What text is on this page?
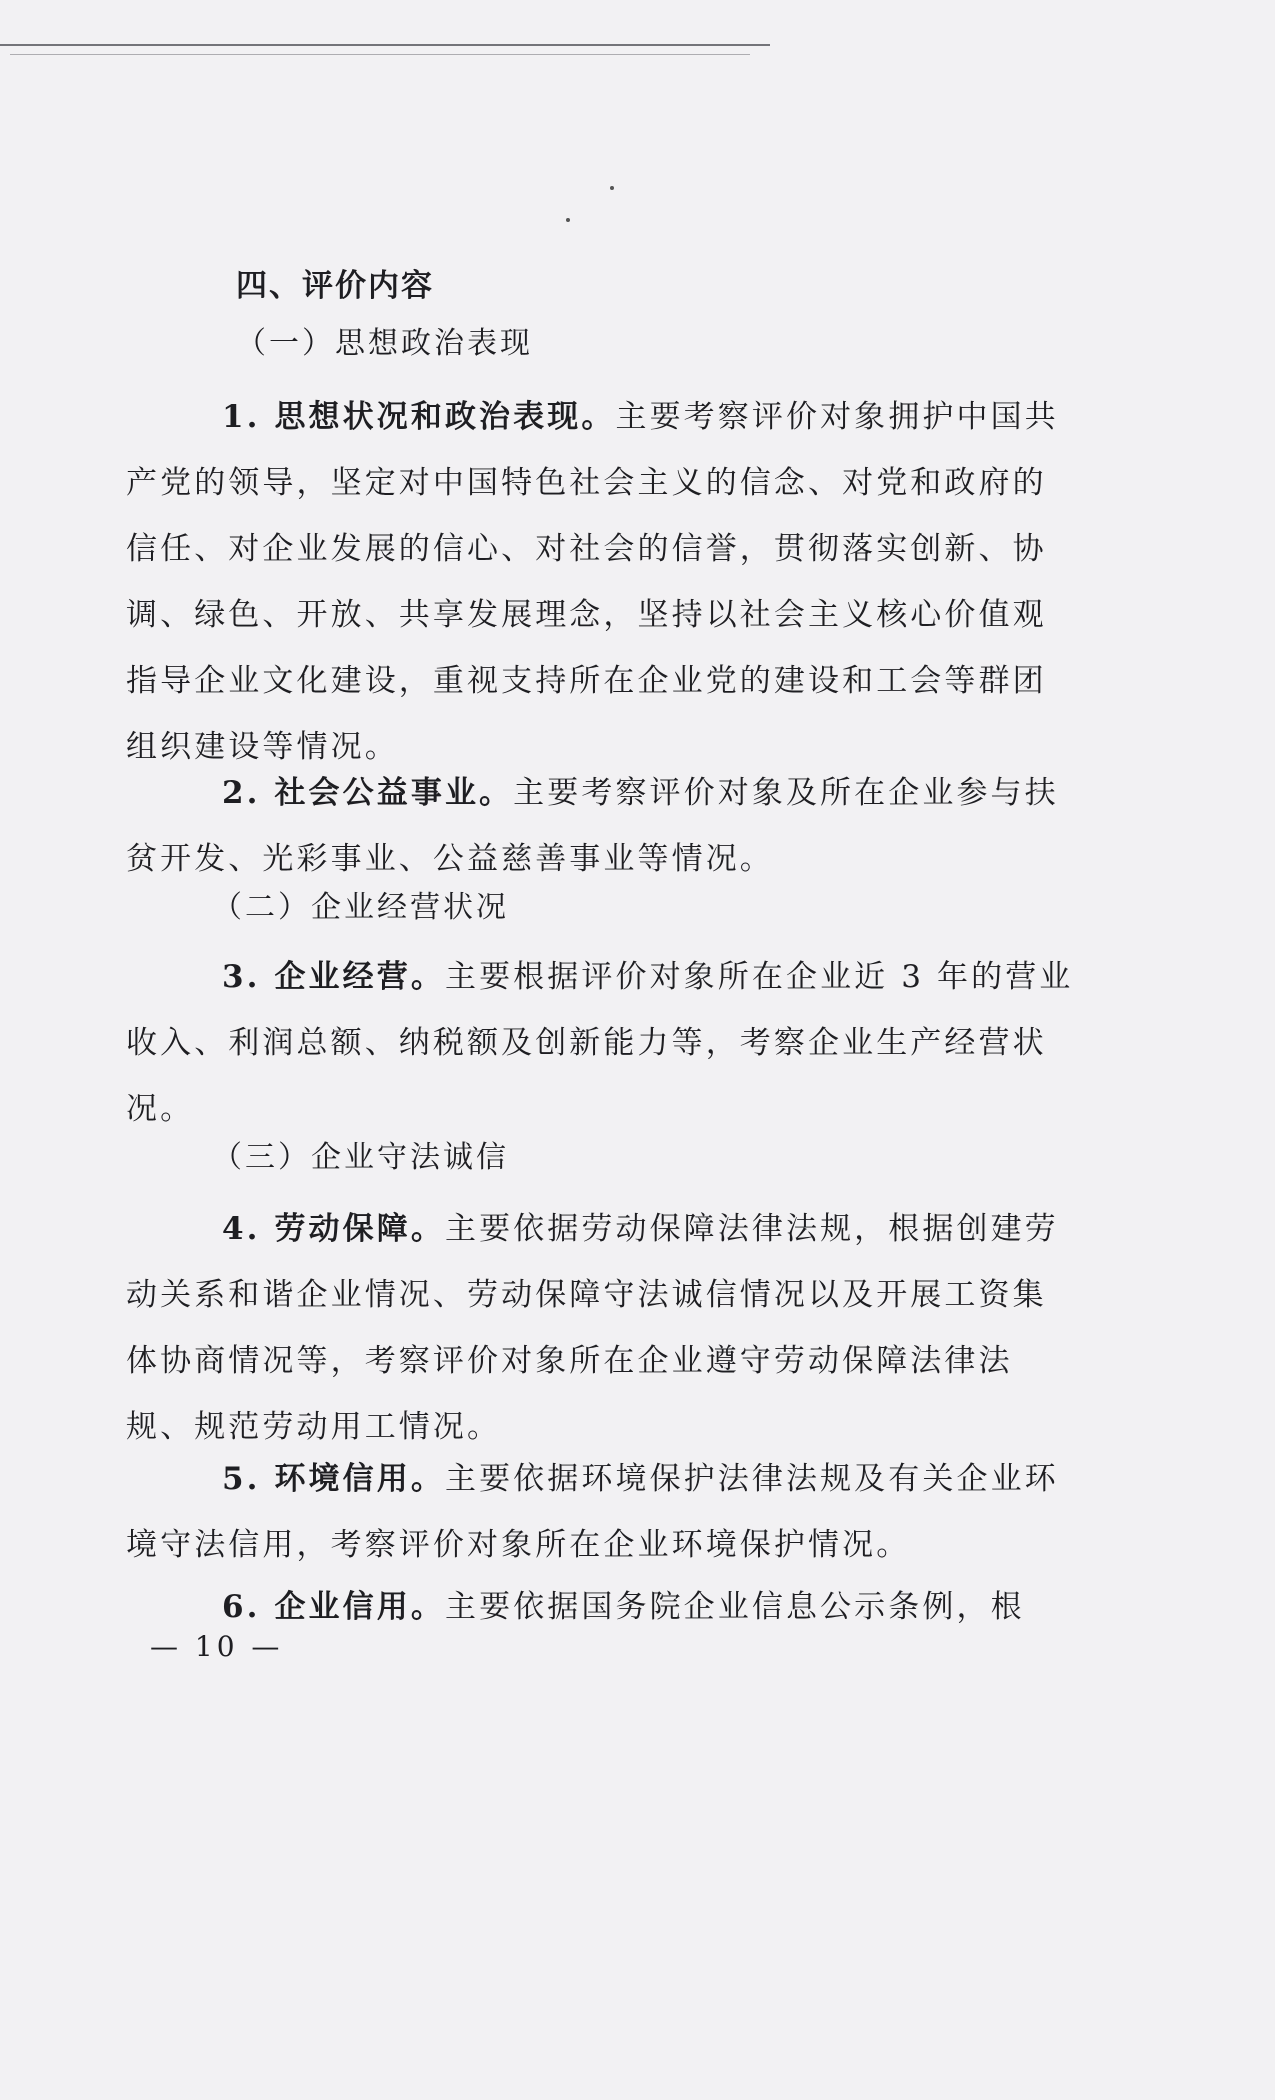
四、评价内容
（一）思想政治表现

1. 思想状况和政治表现。主要考察评价对象拥护中国共产党的领导，坚定对中国特色社会主义的信念、对党和政府的信任、对企业发展的信心、对社会的信誉，贯彻落实创新、协调、绿色、开放、共享发展理念，坚持以社会主义核心价值观指导企业文化建设，重视支持所在企业党的建设和工会等群团组织建设等情况。

2. 社会公益事业。主要考察评价对象及所在企业参与扶贫开发、光彩事业、公益慈善事业等情况。

（二）企业经营状况

3. 企业经营。主要根据评价对象所在企业近 3 年的营业收入、利润总额、纳税额及创新能力等，考察企业生产经营状况。

（三）企业守法诚信

4. 劳动保障。主要依据劳动保障法律法规，根据创建劳动关系和谐企业情况、劳动保障守法诚信情况以及开展工资集体协商情况等，考察评价对象所在企业遵守劳动保障法律法规、规范劳动用工情况。

5. 环境信用。主要依据环境保护法律法规及有关企业环境守法信用，考察评价对象所在企业环境保护情况。

6. 企业信用。主要依据国务院企业信息公示条例，根

— 10 —
